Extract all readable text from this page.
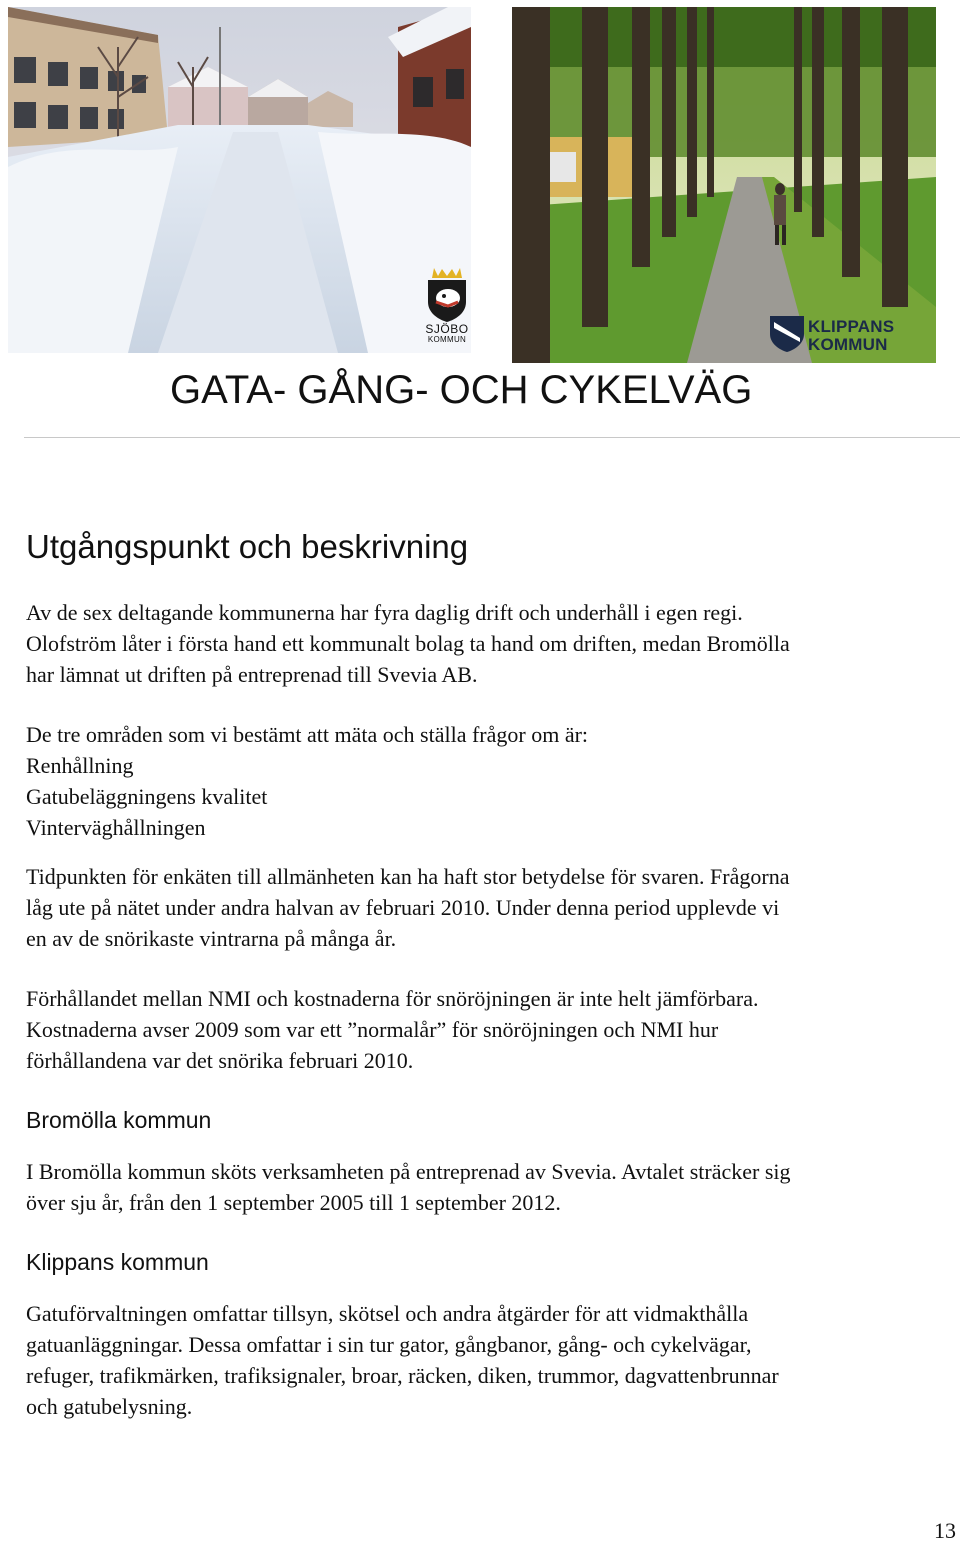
SJÖBO
KOMMUN
KLIPPANS
KOMMUN
GATA- GÅNG- OCH CYKELVÄG
Utgångspunkt och beskrivning

Av de sex deltagande kommunerna har fyra daglig drift och underhåll i egen regi.
Olofström låter i första hand ett kommunalt bolag ta hand om driften, medan Bromölla
har lämnat ut driften på entreprenad till Svevia AB.

De tre områden som vi bestämt att mäta och ställa frågor om är:
Renhållning
Gatubeläggningens kvalitet
Vinterväghållningen

Tidpunkten för enkäten till allmänheten kan ha haft stor betydelse för svaren. Frågorna
låg ute på nätet under andra halvan av februari 2010. Under denna period upplevde vi
en av de snörikaste vintrarna på många år.

Förhållandet mellan NMI och kostnaderna för snöröjningen är inte helt jämförbara.
Kostnaderna avser 2009 som var ett ”normalår” för snöröjningen och NMI hur
förhållandena var det snörika februari 2010.

Bromölla kommun

I Bromölla kommun sköts verksamheten på entreprenad av Svevia. Avtalet sträcker sig
över sju år, från den 1 september 2005 till 1 september 2012.

Klippans kommun

Gatuförvaltningen omfattar tillsyn, skötsel och andra åtgärder för att vidmakthålla
gatuanläggningar. Dessa omfattar i sin tur gator, gångbanor, gång- och cykelvägar,
refuger, trafikmärken, trafiksignaler, broar, räcken, diken, trummor, dagvattenbrunnar
och gatubelysning.

13
